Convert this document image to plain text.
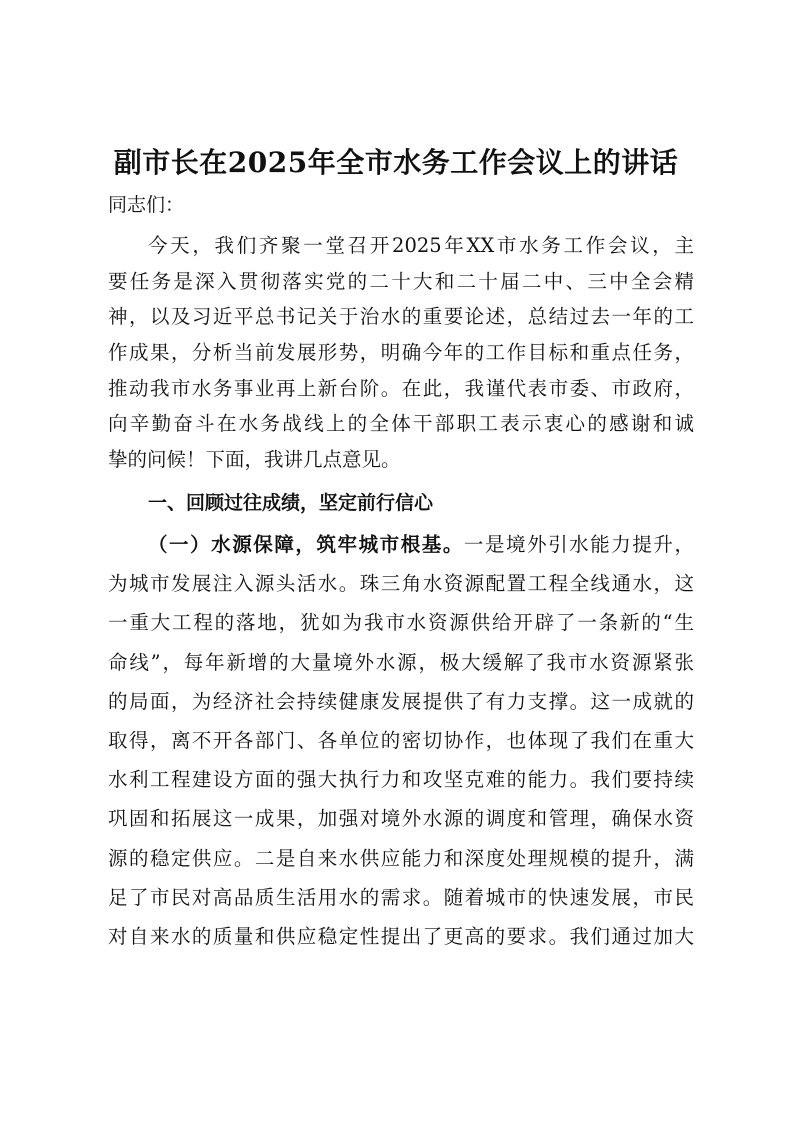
副市长在2025年全市水务工作会议上的讲话
同志们：
今天，我们齐聚一堂召开2025年XX市水务工作会议，主
要任务是深入贯彻落实党的二十大和二十届二中、三中全会精
神，以及习近平总书记关于治水的重要论述，总结过去一年的工
作成果，分析当前发展形势，明确今年的工作目标和重点任务，
推动我市水务事业再上新台阶。在此，我谨代表市委、市政府，
向辛勤奋斗在水务战线上的全体干部职工表示衷心的感谢和诚
挚的问候！下面，我讲几点意见。
一、回顾过往成绩，坚定前行信心
（一）水源保障，筑牢城市根基。一是境外引水能力提升，
为城市发展注入源头活水。珠三角水资源配置工程全线通水，这
一重大工程的落地，犹如为我市水资源供给开辟了一条新的“生
命线”，每年新增的大量境外水源，极大缓解了我市水资源紧张
的局面，为经济社会持续健康发展提供了有力支撑。这一成就的
取得，离不开各部门、各单位的密切协作，也体现了我们在重大
水利工程建设方面的强大执行力和攻坚克难的能力。我们要持续
巩固和拓展这一成果，加强对境外水源的调度和管理，确保水资
源的稳定供应。二是自来水供应能力和深度处理规模的提升，满
足了市民对高品质生活用水的需求。随着城市的快速发展，市民
对自来水的质量和供应稳定性提出了更高的要求。我们通过加大
